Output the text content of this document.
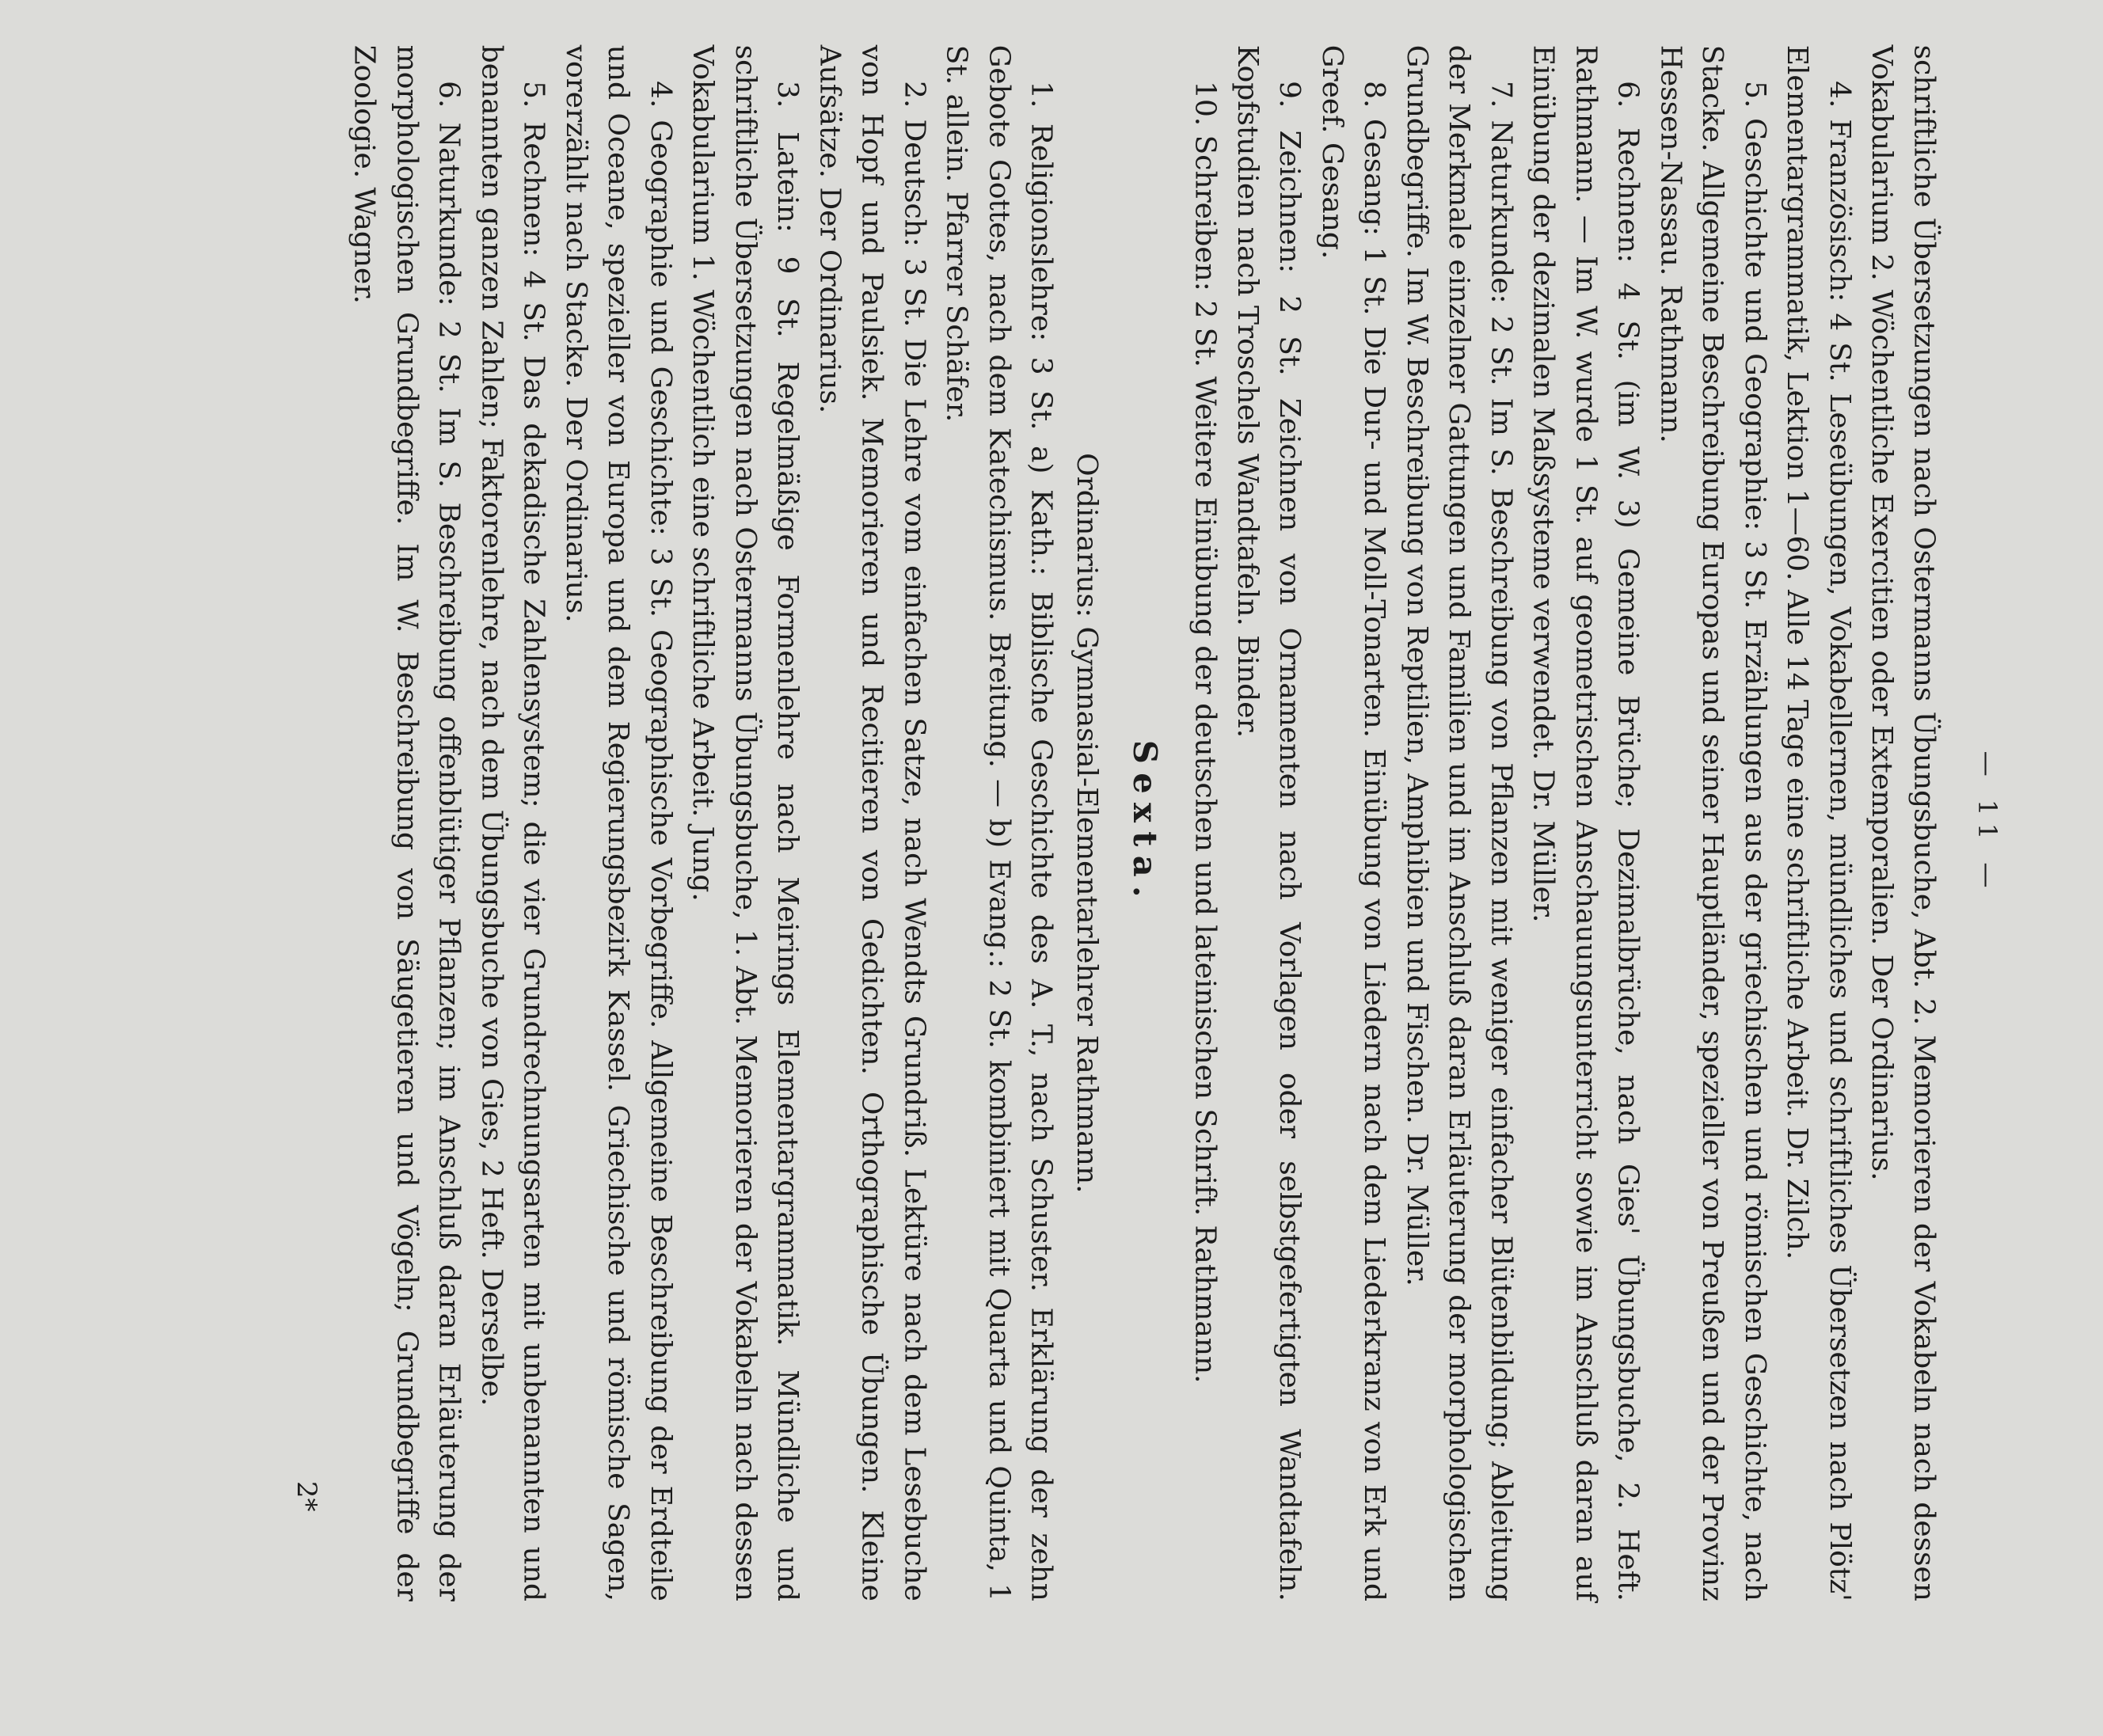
— 11 —

schriftliche Übersetzungen nach Ostermanns Übungsbuche, Abt. 2. Memorieren der Vokabeln nach dessen Vokabularium 2. Wöchentliche Exercitien oder Extemporalien. Der Ordinarius.

4. Französisch: 4 St. Leseübungen, Vokabellernen, mündliches und schriftliches Übersetzen nach Plötz' Elementargrammatik, Lektion 1—60. Alle 14 Tage eine schriftliche Arbeit. Dr. Zilch.

5. Geschichte und Geographie: 3 St. Erzählungen aus der griechischen und römischen Geschichte, nach Stacke. Allgemeine Beschreibung Europas und seiner Hauptländer, spezieller von Preußen und der Provinz Hessen-Nassau. Rathmann.

6. Rechnen: 4 St. (im W. 3) Gemeine Brüche; Dezimalbrüche, nach Gies' Übungsbuche, 2. Heft. Rathmann. — Im W. wurde 1 St. auf geometrischen Anschauungsunterricht sowie im Anschluß daran auf Einübung der dezimalen Maßsysteme verwendet. Dr. Müller.

7. Naturkunde: 2 St. Im S. Beschreibung von Pflanzen mit weniger einfacher Blütenbildung; Ableitung der Merkmale einzelner Gattungen und Familien und im Anschluß daran Erläuterung der morphologischen Grundbegriffe. Im W. Beschreibung von Reptilien, Amphibien und Fischen. Dr. Müller.

8. Gesang: 1 St. Die Dur- und Moll-Tonarten. Einübung von Liedern nach dem Liederkranz von Erk und Greef. Gesang.

9. Zeichnen: 2 St. Zeichnen von Ornamenten nach Vorlagen oder selbstgefertigten Wandtafeln. Kopfstudien nach Troschels Wandtafeln. Binder.

10. Schreiben: 2 St. Weitere Einübung der deutschen und lateinischen Schrift. Rathmann.

Sexta.
Ordinarius: Gymnasial-Elementarlehrer Rathmann.

1. Religionslehre: 3 St. a) Kath.: Biblische Geschichte des A. T., nach Schuster. Erklärung der zehn Gebote Gottes, nach dem Katechismus. Breitung. — b) Evang.: 2 St. kombiniert mit Quarta und Quinta, 1 St. allein. Pfarrer Schäfer.

2. Deutsch: 3 St. Die Lehre vom einfachen Satze, nach Wendts Grundriß. Lektüre nach dem Lesebuche von Hopf und Paulsiek. Memorieren und Recitieren von Gedichten. Orthographische Übungen. Kleine Aufsätze. Der Ordinarius.

3. Latein: 9 St. Regelmäßige Formenlehre nach Meirings Elementargrammatik. Mündliche und schriftliche Übersetzungen nach Ostermanns Übungsbuche, 1. Abt. Memorieren der Vokabeln nach dessen Vokabularium 1. Wöchentlich eine schriftliche Arbeit. Jung.

4. Geographie und Geschichte: 3 St. Geographische Vorbegriffe. Allgemeine Beschreibung der Erdteile und Oceane, spezieller von Europa und dem Regierungsbezirk Kassel. Griechische und römische Sagen, vorerzählt nach Stacke. Der Ordinarius.

5. Rechnen: 4 St. Das dekadische Zahlensystem; die vier Grundrechnungsarten mit unbenannten und benannten ganzen Zahlen; Faktorenlehre, nach dem Übungsbuche von Gies, 2 Heft. Derselbe.

6. Naturkunde: 2 St. Im S. Beschreibung offenblütiger Pflanzen; im Anschluß daran Erläuterung der morphologischen Grundbegriffe. Im W. Beschreibung von Säugetieren und Vögeln; Grundbegriffe der Zoologie. Wagner.

2*
